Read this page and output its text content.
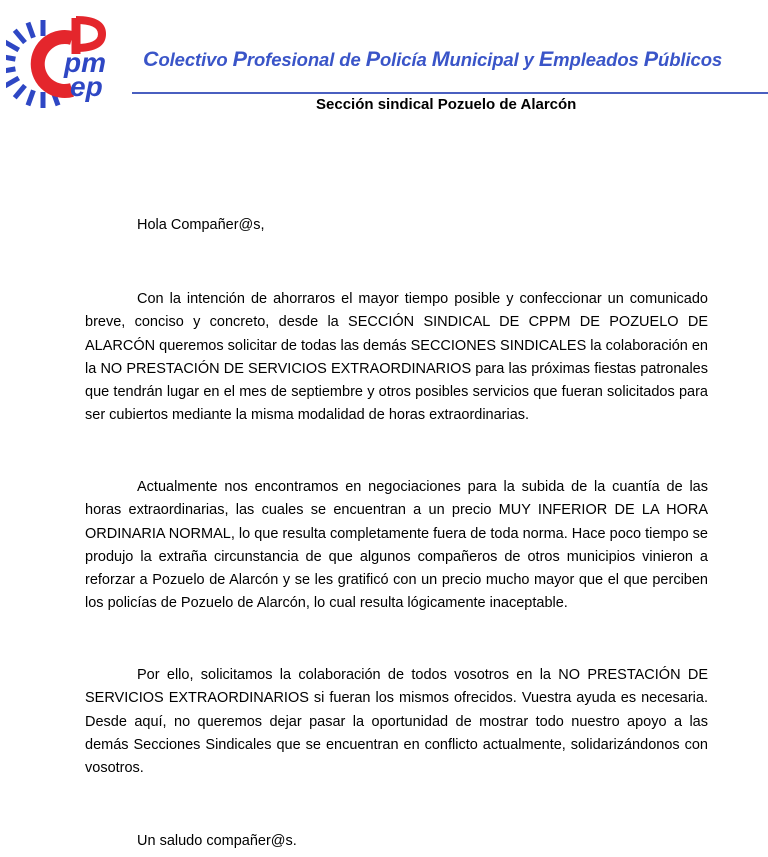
pm
ep
Colectivo Profesional de Policía Municipal y Empleados Públicos
Sección sindical Pozuelo de Alarcón
Hola Compañer@s,

Con la intención de ahorraros el mayor tiempo posible y confeccionar un comunicado breve, conciso y concreto, desde la SECCIÓN SINDICAL DE CPPM DE POZUELO DE ALARCÓN queremos solicitar de todas las demás SECCIONES SINDICALES la colaboración en la NO PRESTACIÓN DE SERVICIOS EXTRAORDINARIOS para las próximas fiestas patronales que tendrán lugar en el mes de septiembre y otros posibles servicios que fueran solicitados para ser cubiertos mediante la misma modalidad de horas extraordinarias.

Actualmente nos encontramos en negociaciones para la subida de la cuantía de las horas extraordinarias, las cuales se encuentran a un precio MUY INFERIOR DE LA HORA ORDINARIA NORMAL, lo que resulta completamente fuera de toda norma. Hace poco tiempo se produjo la extraña circunstancia de que algunos compañeros de otros municipios vinieron a reforzar a Pozuelo de Alarcón y se les gratificó con un precio mucho mayor que el que perciben los policías de Pozuelo de Alarcón, lo cual resulta lógicamente inaceptable.

Por ello, solicitamos la colaboración de todos vosotros en la NO PRESTACIÓN DE SERVICIOS EXTRAORDINARIOS si fueran los mismos ofrecidos. Vuestra ayuda es necesaria. Desde aquí, no queremos dejar pasar la oportunidad de mostrar todo nuestro apoyo a las demás Secciones Sindicales que se encuentran en conflicto actualmente, solidarizándonos con vosotros.

Un saludo compañer@s.
